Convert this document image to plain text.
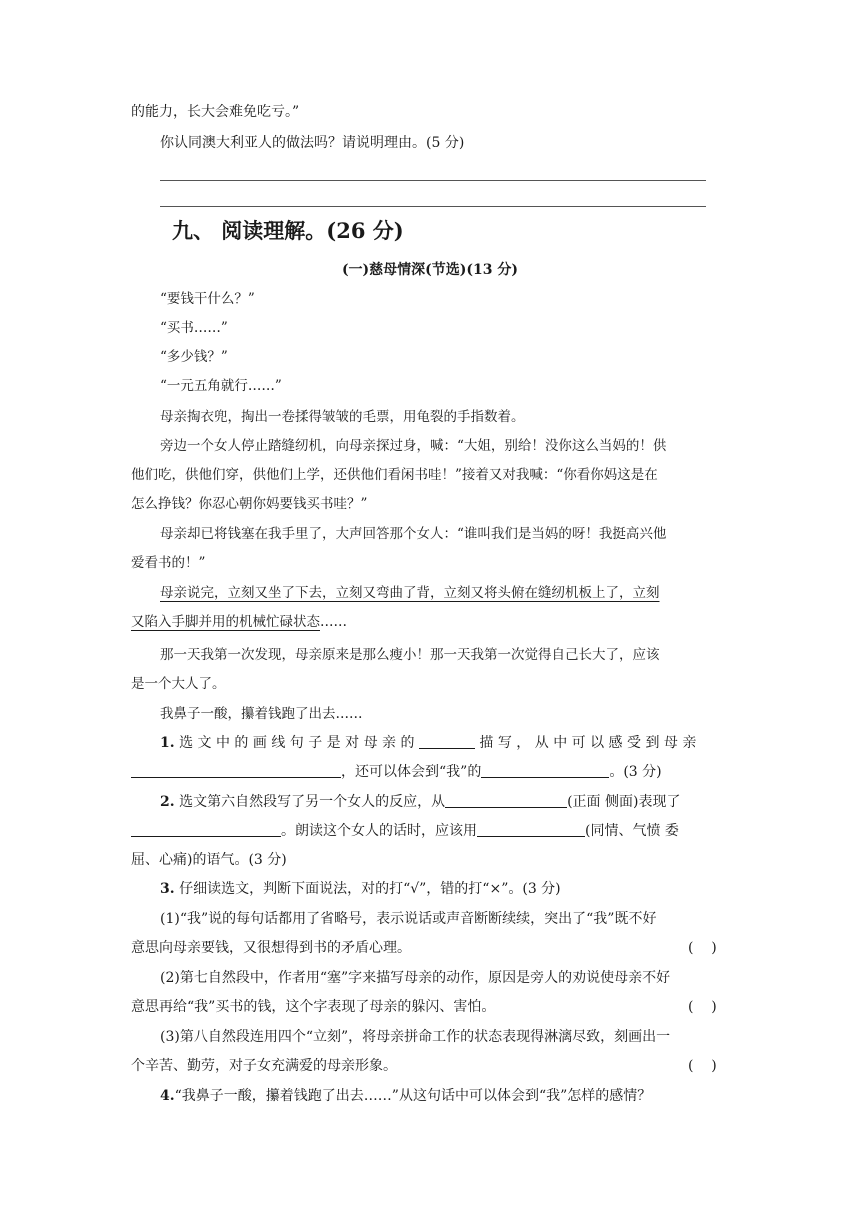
的能力，长大会难免吃亏。”
你认同澳大利亚人的做法吗？请说明理由。(5 分)
九、 阅读理解。(26 分)
(一)慈母情深(节选)(13 分)
“要钱干什么？”
“买书……”
“多少钱？”
“一元五角就行……”
母亲掏衣兜，掏出一卷揉得皱皱的毛票，用龟裂的手指数着。
旁边一个女人停止踏缝纫机，向母亲探过身，喊：“大姐，别给！没你这么当妈的！供
他们吃，供他们穿，供他们上学，还供他们看闲书哇！”接着又对我喊：“你看你妈这是在
怎么挣钱？你忍心朝你妈要钱买书哇？”
母亲却已将钱塞在我手里了，大声回答那个女人：“谁叫我们是当妈的呀！我挺高兴他
爱看书的！”
母亲说完，立刻又坐了下去，立刻又弯曲了背，立刻又将头俯在缝纫机板上了，立刻
又陷入手脚并用的机械忙碌状态……
那一天我第一次发现，母亲原来是那么瘦小！那一天我第一次觉得自己长大了，应该
是一个大人了。
我鼻子一酸，攥着钱跑了出去……
1. 选 文 中 的 画 线 句 子 是 对 母 亲 的	描 写 ， 从 中 可 以 感 受 到 母 亲
，还可以体会到“我”的	。(3 分)
2. 选文第六自然段写了另一个女人的反应，从	(正面 侧面)表现了
。朗读这个女人的话时，应该用	(同情、气愤 委
屈、心痛)的语气。(3 分)
3. 仔细读选文，判断下面说法，对的打“√”，错的打“×”。(3 分)
(1)“我”说的每句话都用了省略号，表示说话或声音断断续续，突出了“我”既不好
意思向母亲要钱，又很想得到书的矛盾心理。	(    )
(2)第七自然段中，作者用“塞”字来描写母亲的动作，原因是旁人的劝说使母亲不好
意思再给“我”买书的钱，这个字表现了母亲的躲闪、害怕。	(    )
(3)第八自然段连用四个“立刻”，将母亲拼命工作的状态表现得淋漓尽致，刻画出一
个辛苦、勤劳，对子女充满爱的母亲形象。	(    )
4.“我鼻子一酸，攥着钱跑了出去……”从这句话中可以体会到“我”怎样的感情？
